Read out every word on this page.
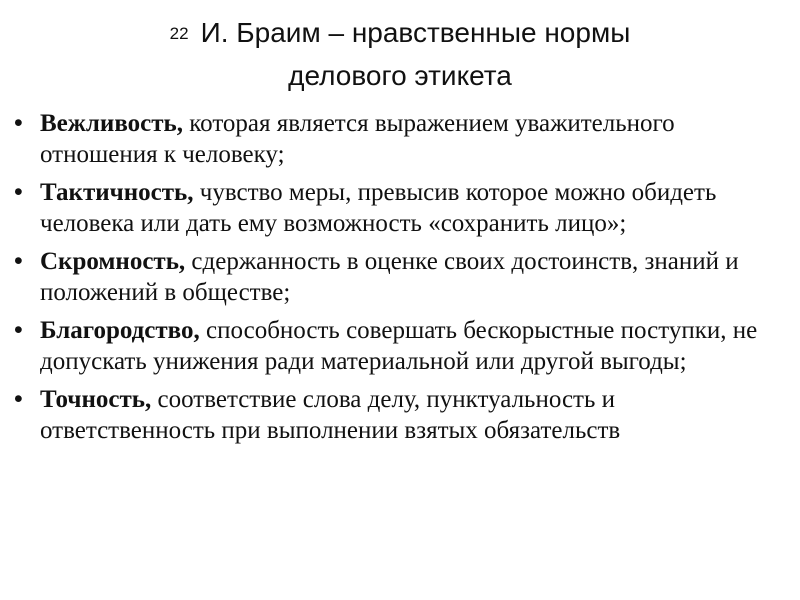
22 И. Браим – нравственные нормы
делового этикета
• Вежливость, которая является выражением уважительного отношения к человеку;
• Тактичность, чувство меры, превысив которое можно обидеть человека или дать ему возможность «сохранить лицо»;
• Скромность, сдержанность в оценке своих достоинств, знаний и положений в обществе;
• Благородство, способность совершать бескорыстные поступки, не допускать унижения ради материальной или другой выгоды;
• Точность, соответствие слова делу, пунктуальность и ответственность при выполнении взятых обязательств
